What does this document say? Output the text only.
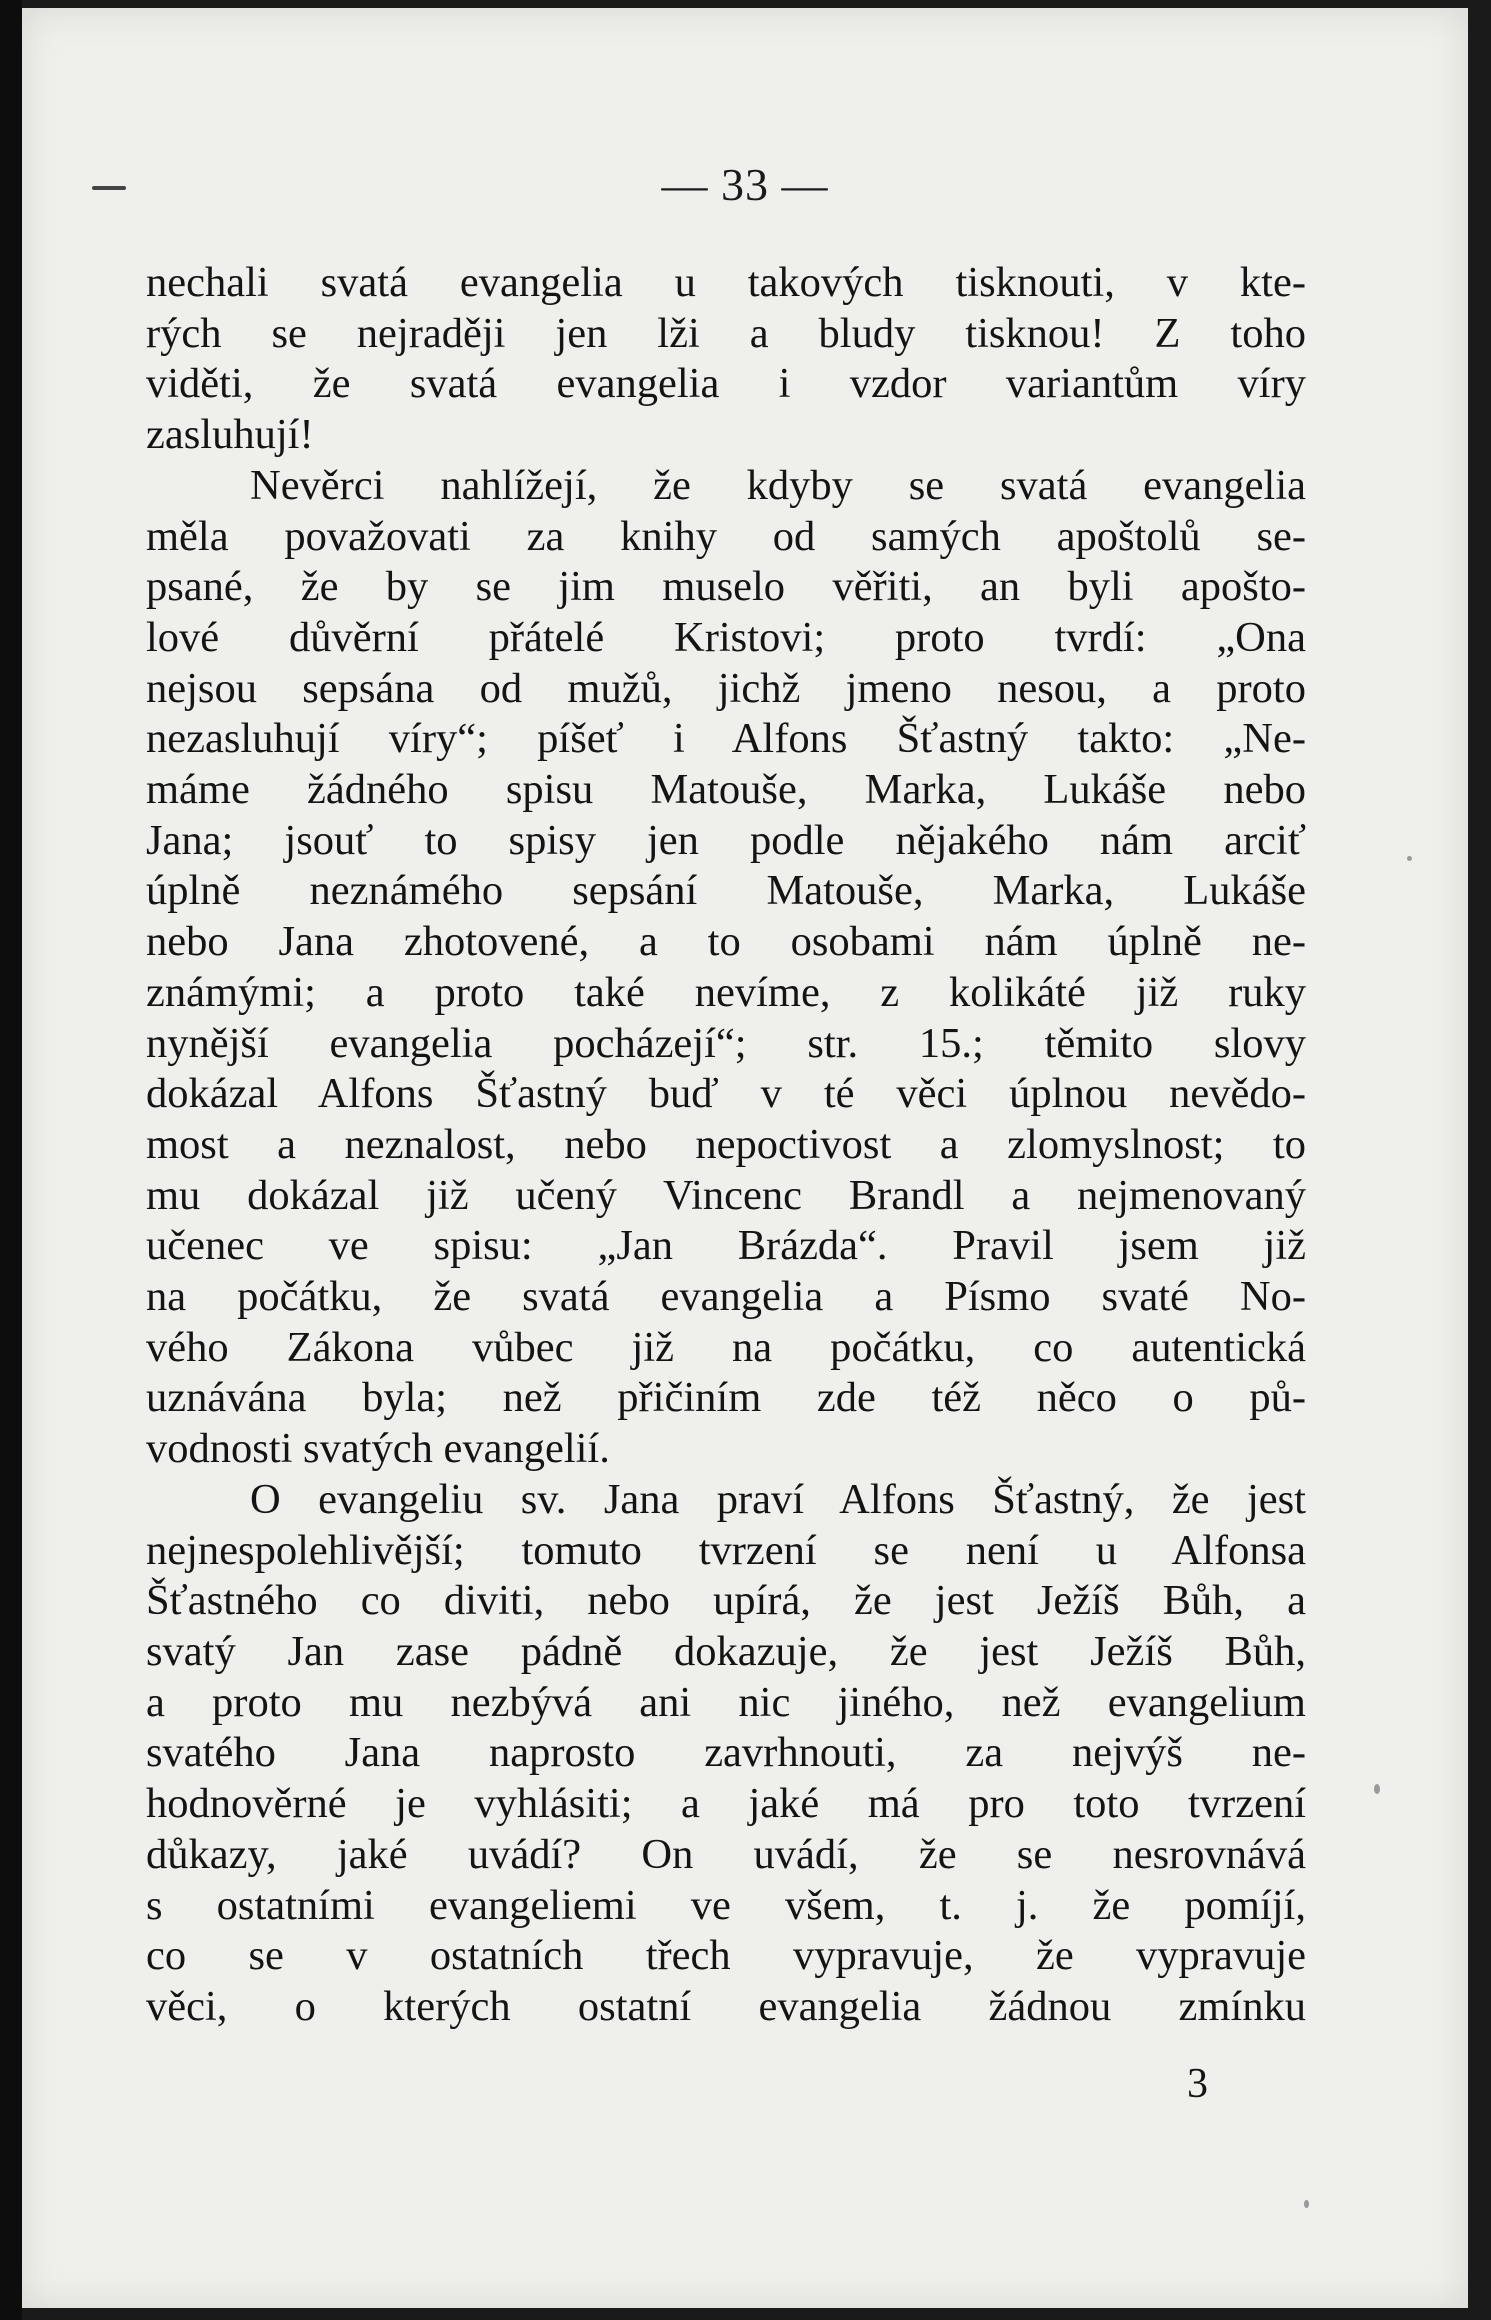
— 33 —
nechali svatá evangelia u takových tisknouti, v kte-
rých se nejraději jen lži a bludy tisknou! Z toho
viděti, že svatá evangelia i vzdor variantům víry
zasluhují!
Nevěrci nahlížejí, že kdyby se svatá evangelia
měla považovati za knihy od samých apoštolů se-
psané, že by se jim muselo věřiti, an byli apošto-
lové důvěrní přátelé Kristovi; proto tvrdí: „Ona
nejsou sepsána od mužů, jichž jmeno nesou, a proto
nezasluhují víry“; píšeť i Alfons Šťastný takto: „Ne-
máme žádného spisu Matouše, Marka, Lukáše nebo
Jana; jsouť to spisy jen podle nějakého nám arciť
úplně neznámého sepsání Matouše, Marka, Lukáše
nebo Jana zhotovené, a to osobami nám úplně ne-
známými; a proto také nevíme, z kolikáté již ruky
nynější evangelia pocházejí“; str. 15.; těmito slovy
dokázal Alfons Šťastný buď v té věci úplnou nevědo-
most a neznalost, nebo nepoctivost a zlomyslnost; to
mu dokázal již učený Vincenc Brandl a nejmenovaný
učenec ve spisu: „Jan Brázda“. Pravil jsem již
na počátku, že svatá evangelia a Písmo svaté No-
vého Zákona vůbec již na počátku, co autentická
uznávána byla; než přičiním zde též něco o pů-
vodnosti svatých evangelií.
O evangeliu sv. Jana praví Alfons Šťastný, že jest
nejnespolehlivější; tomuto tvrzení se není u Alfonsa
Šťastného co diviti, nebo upírá, že jest Ježíš Bůh, a
svatý Jan zase pádně dokazuje, že jest Ježíš Bůh,
a proto mu nezbývá ani nic jiného, než evangelium
svatého Jana naprosto zavrhnouti, za nejvýš ne-
hodnověrné je vyhlásiti; a jaké má pro toto tvrzení
důkazy, jaké uvádí? On uvádí, že se nesrovnává
s ostatními evangeliemi ve všem, t. j. že pomíjí,
co se v ostatních třech vypravuje, že vypravuje
věci, o kterých ostatní evangelia žádnou zmínku
3
